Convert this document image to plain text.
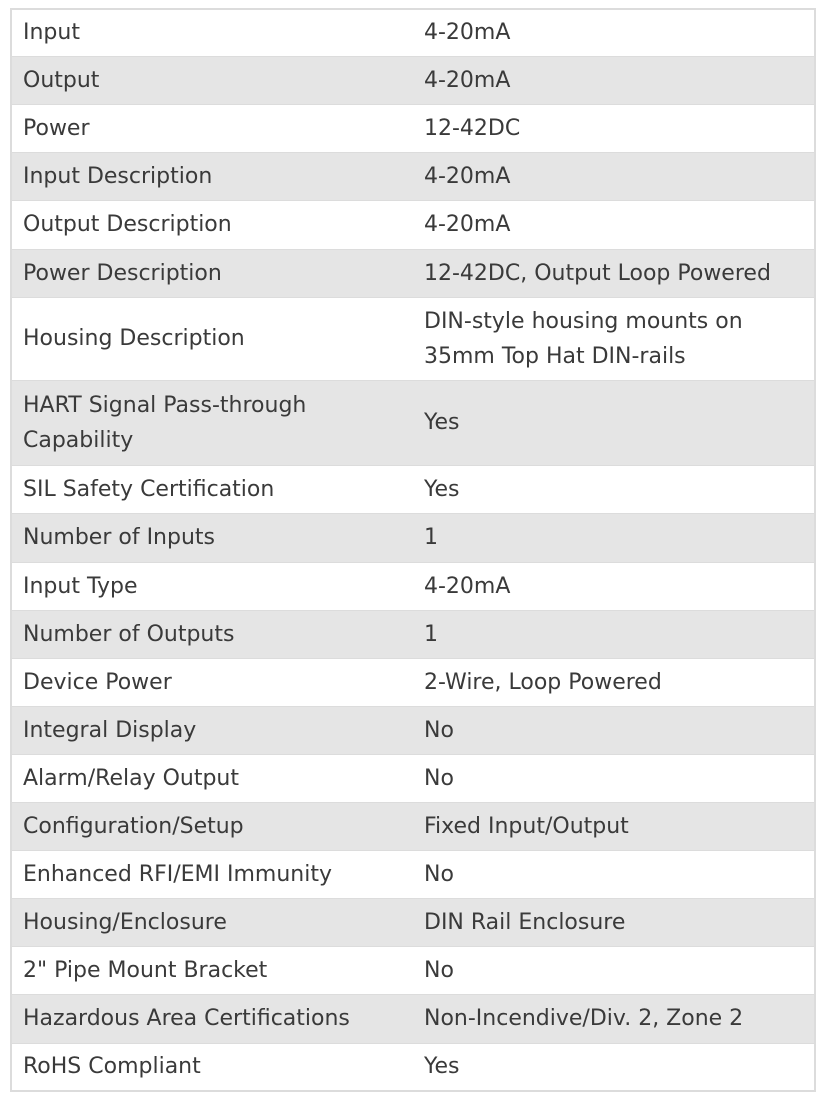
Input	4-20mA
Output	4-20mA
Power	12-42DC
Input Description	4-20mA
Output Description	4-20mA
Power Description	12-42DC, Output Loop Powered
Housing Description	DIN-style housing mounts on 35mm Top Hat DIN-rails
HART Signal Pass-through Capability	Yes
SIL Safety Certification	Yes
Number of Inputs	1
Input Type	4-20mA
Number of Outputs	1
Device Power	2-Wire, Loop Powered
Integral Display	No
Alarm/Relay Output	No
Configuration/Setup	Fixed Input/Output
Enhanced RFI/EMI Immunity	No
Housing/Enclosure	DIN Rail Enclosure
2" Pipe Mount Bracket	No
Hazardous Area Certifications	Non-Incendive/Div. 2, Zone 2
RoHS Compliant	Yes
